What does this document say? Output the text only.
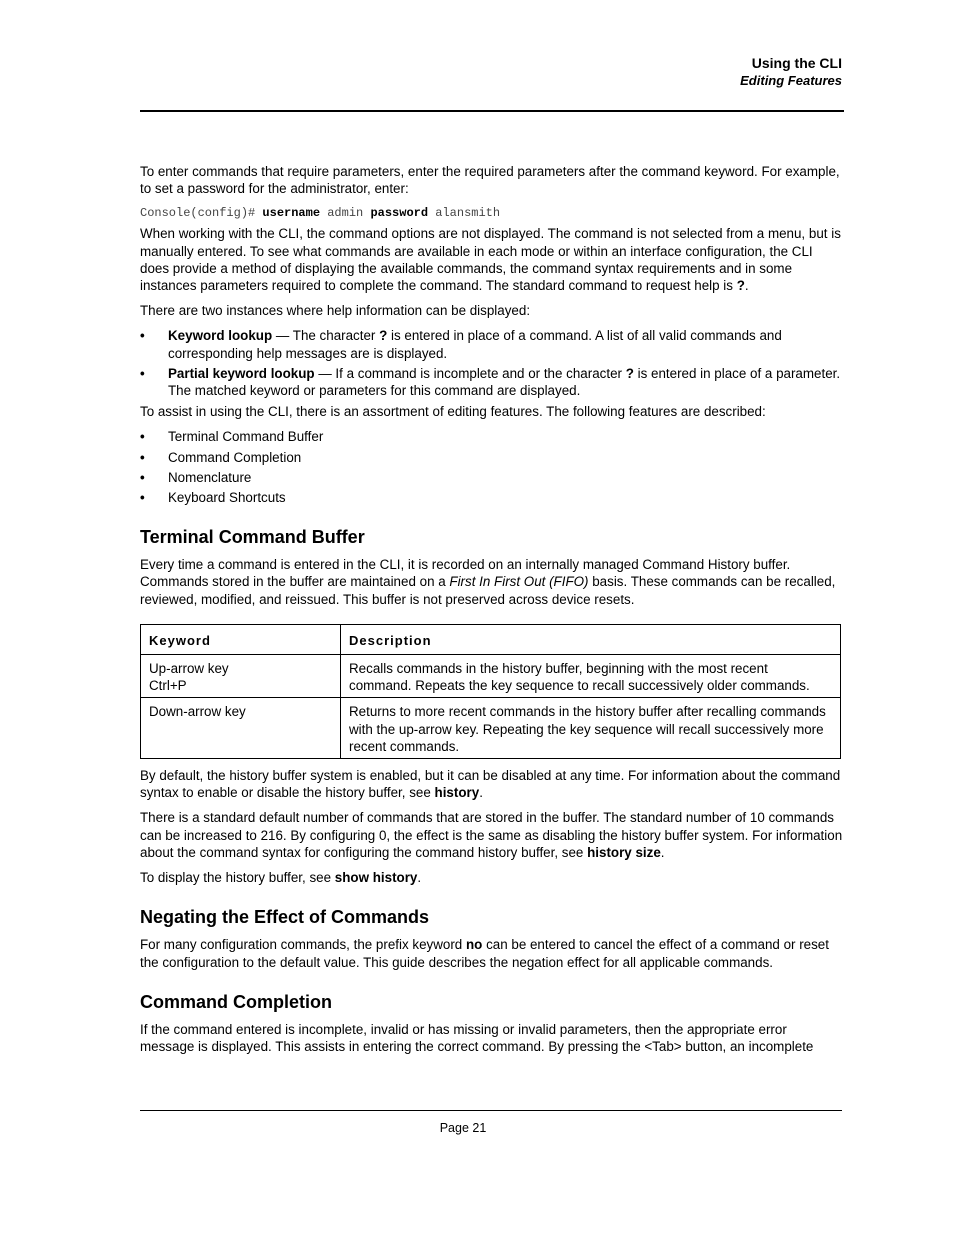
Using the CLI
Editing Features

To enter commands that require parameters, enter the required parameters after the command keyword. For example, to set a password for the administrator, enter:

Console(config)# username admin password alansmith

When working with the CLI, the command options are not displayed. The command is not selected from a menu, but is manually entered. To see what commands are available in each mode or within an interface configuration, the CLI does provide a method of displaying the available commands, the command syntax requirements and in some instances parameters required to complete the command. The standard command to request help is ?.

There are two instances where help information can be displayed:

• Keyword lookup — The character ? is entered in place of a command. A list of all valid commands and corresponding help messages are is displayed.
• Partial keyword lookup — If a command is incomplete and or the character ? is entered in place of a parameter. The matched keyword or parameters for this command are displayed.

To assist in using the CLI, there is an assortment of editing features. The following features are described:

• Terminal Command Buffer
• Command Completion
• Nomenclature
• Keyboard Shortcuts
Terminal Command Buffer

Every time a command is entered in the CLI, it is recorded on an internally managed Command History buffer. Commands stored in the buffer are maintained on a First In First Out (FIFO) basis. These commands can be recalled, reviewed, modified, and reissued. This buffer is not preserved across device resets.

Keyword	Description

Up-arrow key
Ctrl+P	Recalls commands in the history buffer, beginning with the most recent command. Repeats the key sequence to recall successively older commands.

Down-arrow key	Returns to more recent commands in the history buffer after recalling commands with the up-arrow key. Repeating the key sequence will recall successively more recent commands.

By default, the history buffer system is enabled, but it can be disabled at any time. For information about the command syntax to enable or disable the history buffer, see history.

There is a standard default number of commands that are stored in the buffer. The standard number of 10 commands can be increased to 216. By configuring 0, the effect is the same as disabling the history buffer system. For information about the command syntax for configuring the command history buffer, see history size.

To display the history buffer, see show history.

Negating the Effect of Commands

For many configuration commands, the prefix keyword no can be entered to cancel the effect of a command or reset the configuration to the default value. This guide describes the negation effect for all applicable commands.

Command Completion

If the command entered is incomplete, invalid or has missing or invalid parameters, then the appropriate error message is displayed. This assists in entering the correct command. By pressing the <Tab> button, an incomplete

Page 21
